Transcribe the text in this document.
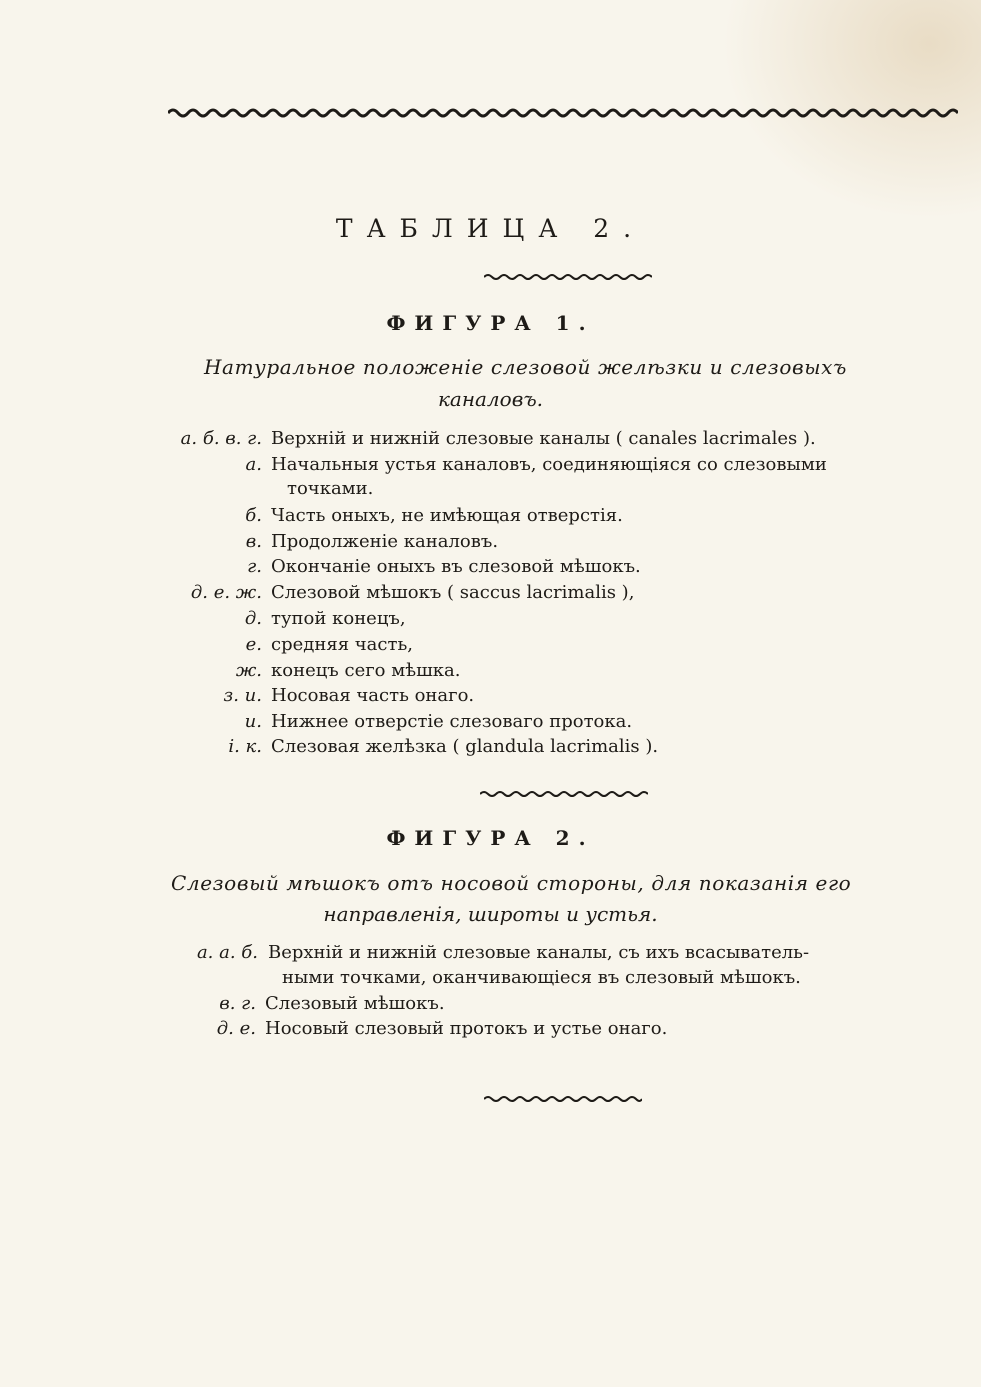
ТАБЛИЦА 2.
ФИГУРА 1.
Натуральное положеніе слезовой желѣзки и слезовыхъ
каналовъ.
а. б. в. г. Верхній и нижній слезовые каналы ( canales lacrimales ).
а. Начальныя устья каналовъ, соединяющіяся со слезовыми
точками.
б. Часть оныхъ, не имѣющая отверстія.
в. Продолженіе каналовъ.
г. Окончаніе оныхъ въ слезовой мѣшокъ.
д. е. ж. Слезовой мѣшокъ ( saccus lacrimalis ),
д. тупой конецъ,
е. средняя часть,
ж. конецъ сего мѣшка.
з. и. Носовая часть онаго.
и. Нижнее отверстіе слезоваго протока.
і. к. Слезовая желѣзка ( glandula lacrimalis ).
ФИГУРА 2.
Слезовый мѣшокъ отъ носовой стороны, для показанія его
направленія, широты и устья.
а. а. б. Верхній и нижній слезовые каналы, съ ихъ всасыватель-
ными точками, оканчивающіеся въ слезовый мѣшокъ.
в. г. Слезовый мѣшокъ.
д. е. Носовый слезовый протокъ и устье онаго.
